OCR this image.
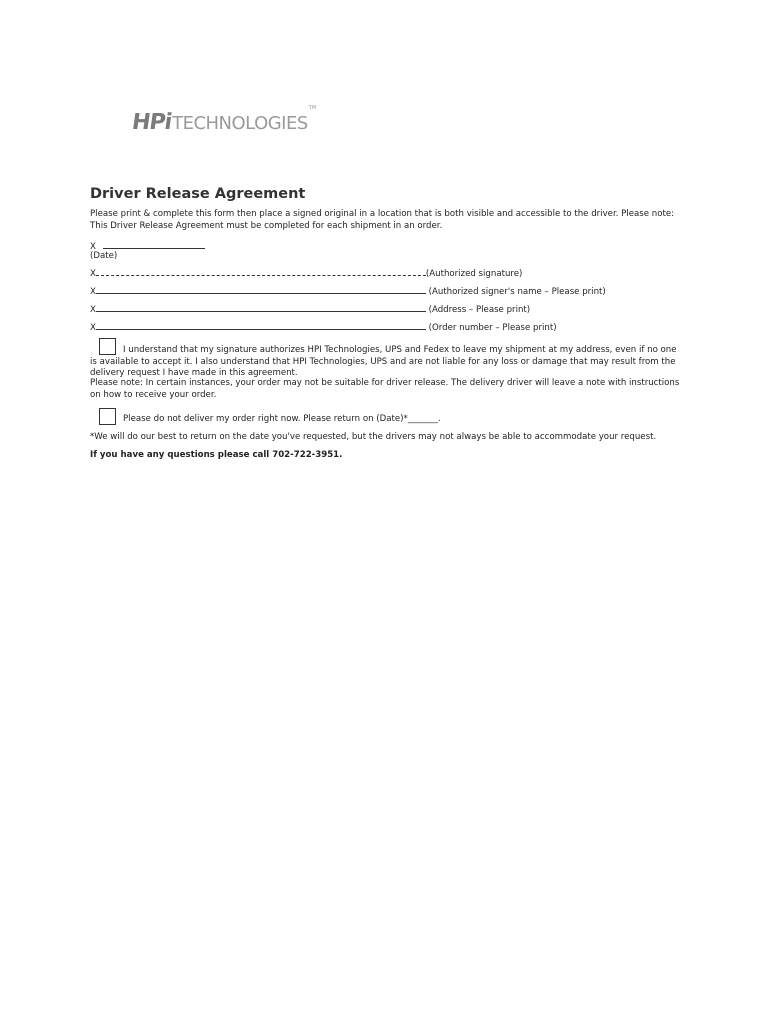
HPi TECHNOLOGIES
TM
Driver Release Agreement

Please print & complete this form then place a signed original in a location that is both visible and accessible to the driver. Please note: This Driver Release Agreement must be completed for each shipment in an order.

X
(Date)
X	(Authorized signature)
X	(Authorized signer's name – Please print)
X	(Address – Please print)
X	(Order number – Please print)

I understand that my signature authorizes HPI Technologies, UPS and Fedex to leave my shipment at my address, even if no one is available to accept it. I also understand that HPI Technologies, UPS and are not liable for any loss or damage that may result from the delivery request I have made in this agreement.

Please note: In certain instances, your order may not be suitable for driver release. The delivery driver will leave a note with instructions on how to receive your order.

Please do not deliver my order right now. Please return on (Date)*_______.

*We will do our best to return on the date you've requested, but the drivers may not always be able to accommodate your request.

If you have any questions please call 702-722-3951.
